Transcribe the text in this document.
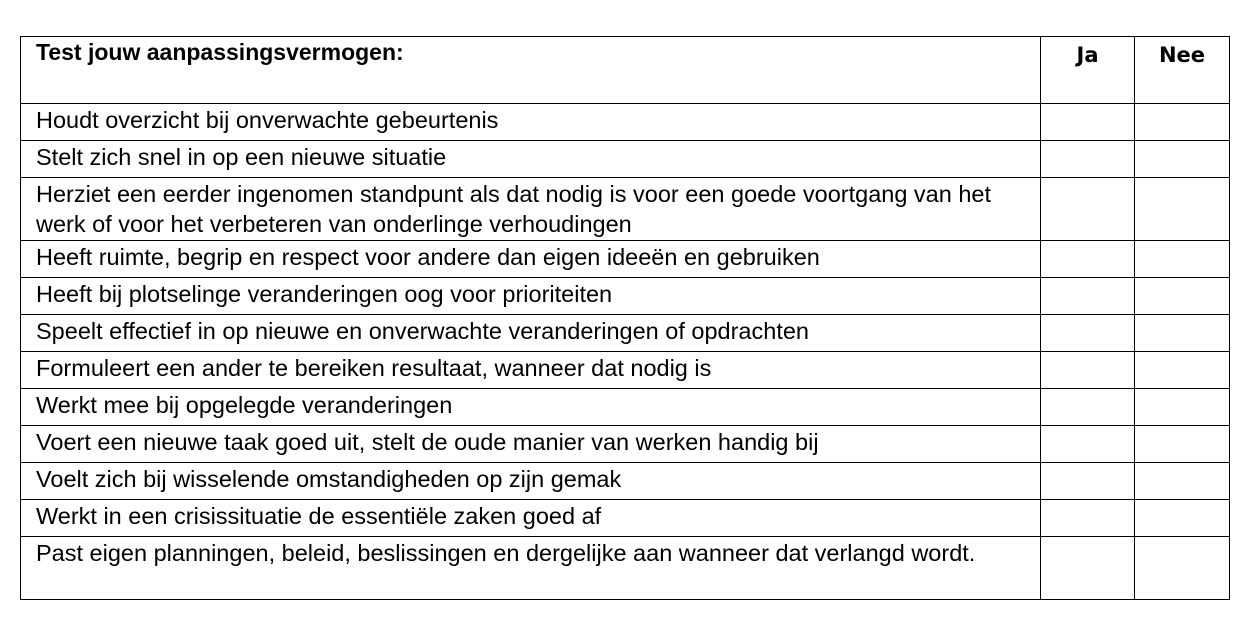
Test jouw aanpassingsvermogen:	Ja	Nee
Houdt overzicht bij onverwachte gebeurtenis		
Stelt zich snel in op een nieuwe situatie		
Herziet een eerder ingenomen standpunt als dat nodig is voor een goede voortgang van het werk of voor het verbeteren van onderlinge verhoudingen		
Heeft ruimte, begrip en respect voor andere dan eigen ideeën en gebruiken		
Heeft bij plotselinge veranderingen oog voor prioriteiten		
Speelt effectief in op nieuwe en onverwachte veranderingen of opdrachten		
Formuleert een ander te bereiken resultaat, wanneer dat nodig is		
Werkt mee bij opgelegde veranderingen		
Voert een nieuwe taak goed uit, stelt de oude manier van werken handig bij		
Voelt zich bij wisselende omstandigheden op zijn gemak		
Werkt in een crisissituatie de essentiële zaken goed af		
Past eigen planningen, beleid, beslissingen en dergelijke aan wanneer dat verlangd wordt.		
